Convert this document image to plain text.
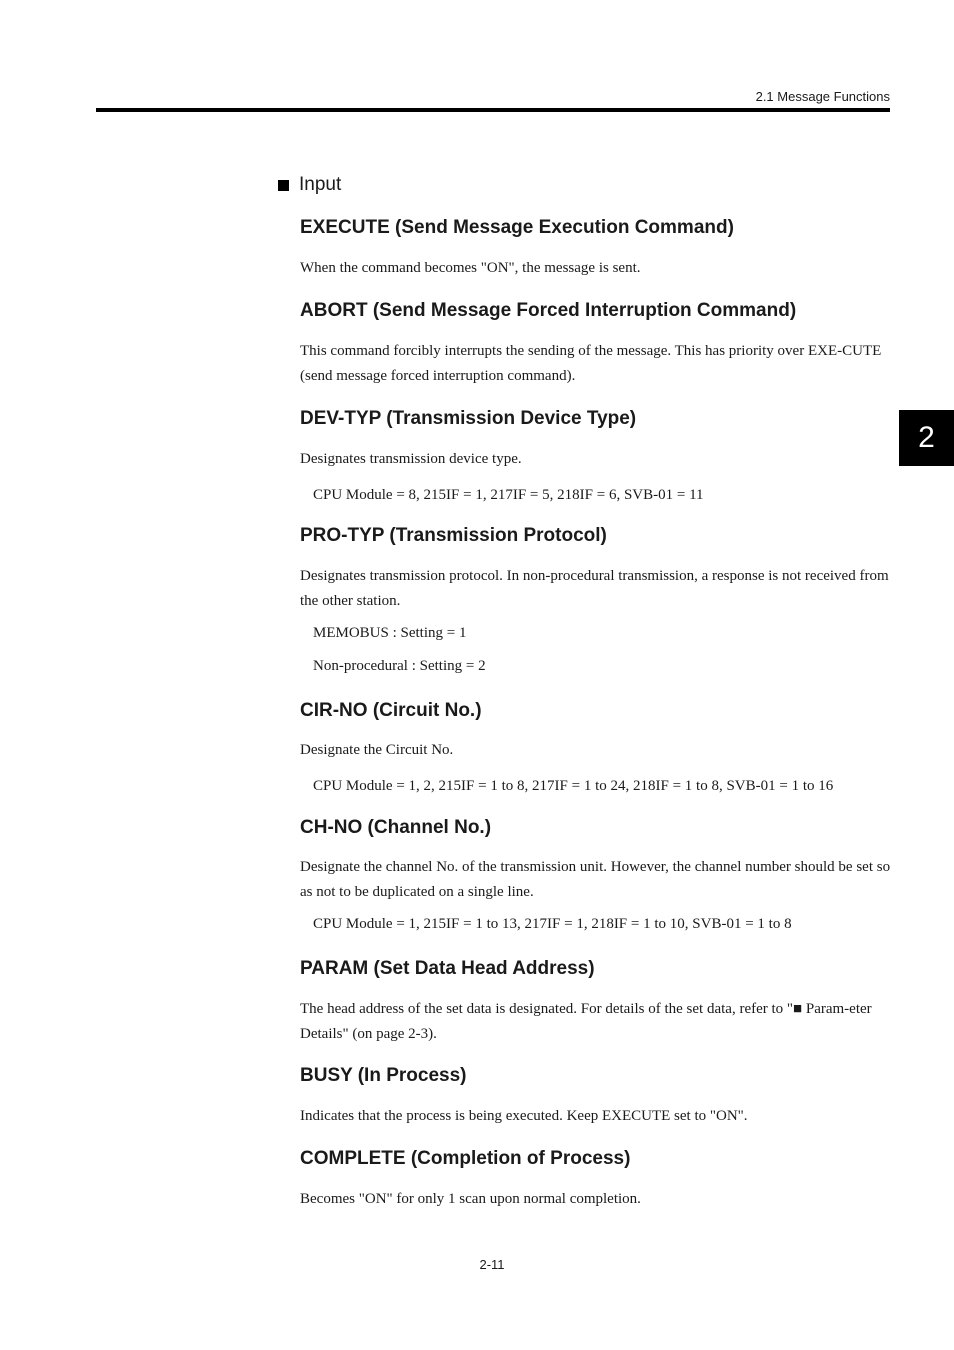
2.1 Message Functions
2
Input
EXECUTE (Send Message Execution Command)

When the command becomes "ON", the message is sent.

ABORT (Send Message Forced Interruption Command)

This command forcibly interrupts the sending of the message. This has priority over EXE-CUTE (send message forced interruption command).

DEV-TYP (Transmission Device Type)

Designates transmission device type.

CPU Module = 8, 215IF = 1, 217IF = 5, 218IF = 6, SVB-01 = 11

PRO-TYP (Transmission Protocol)

Designates transmission protocol. In non-procedural transmission, a response is not received from the other station.

MEMOBUS : Setting = 1

Non-procedural : Setting = 2

CIR-NO (Circuit No.)

Designate the Circuit No.

CPU Module = 1, 2, 215IF = 1 to 8, 217IF = 1 to 24, 218IF = 1 to 8, SVB-01 = 1 to 16

CH-NO (Channel No.)

Designate the channel No. of the transmission unit. However, the channel number should be set so as not to be duplicated on a single line.

CPU Module = 1, 215IF = 1 to 13, 217IF = 1, 218IF = 1 to 10, SVB-01 = 1 to 8

PARAM (Set Data Head Address)

The head address of the set data is designated. For details of the set data, refer to "■ Param-eter Details" (on page 2-3).

BUSY (In Process)

Indicates that the process is being executed. Keep EXECUTE set to "ON".

COMPLETE (Completion of Process)

Becomes "ON" for only 1 scan upon normal completion.

2-11
